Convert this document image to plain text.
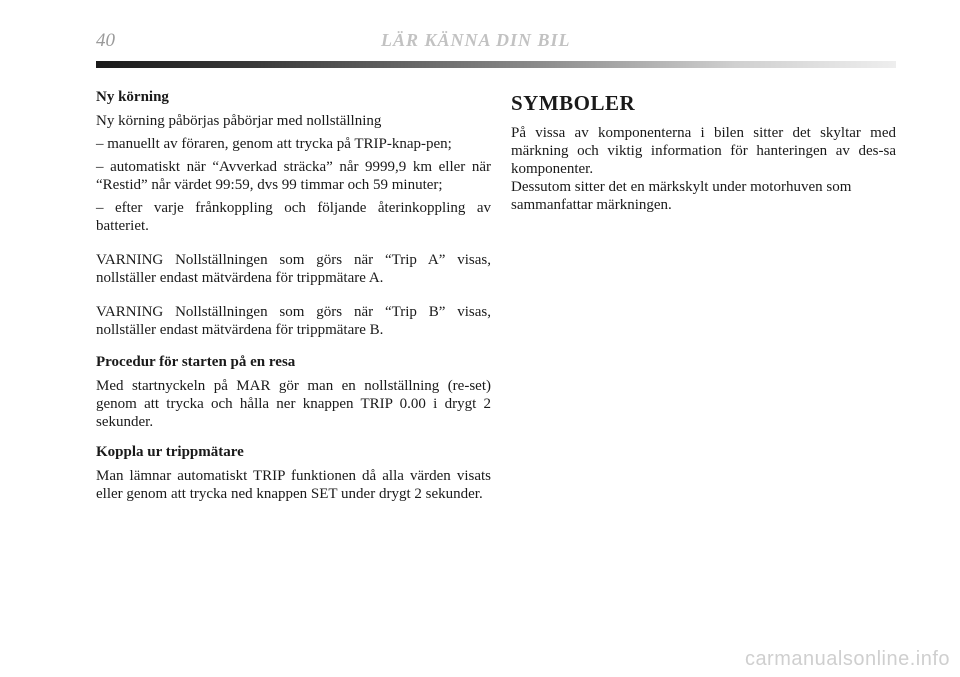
40	LÄR KÄNNA DIN BIL

Ny körning

Ny körning påbörjas påbörjar med nollställning

– manuellt av föraren, genom att trycka på TRIP-knap-pen;

– automatiskt när “Avverkad sträcka” når 9999,9 km eller när “Restid” når värdet 99:59, dvs 99 timmar och 59 minuter;

– efter varje frånkoppling och följande återinkoppling av batteriet.

VARNING Nollställningen som görs när “Trip A” visas, nollställer endast mätvärdena för trippmätare A.

VARNING Nollställningen som görs när “Trip B” visas, nollställer endast mätvärdena för trippmätare B.

Procedur för starten på en resa

Med startnyckeln på MAR gör man en nollställning (re-set) genom att trycka och hålla ner knappen TRIP 0.00 i drygt 2 sekunder.

Koppla ur trippmätare

Man lämnar automatiskt TRIP funktionen då alla värden visats eller genom att trycka ned knappen SET under drygt 2 sekunder.

SYMBOLER

På vissa av komponenterna i bilen sitter det skyltar med märkning och viktig information för hanteringen av des-sa komponenter.

Dessutom sitter det en märkskylt under motorhuven som sammanfattar märkningen.

carmanualsonline.info
